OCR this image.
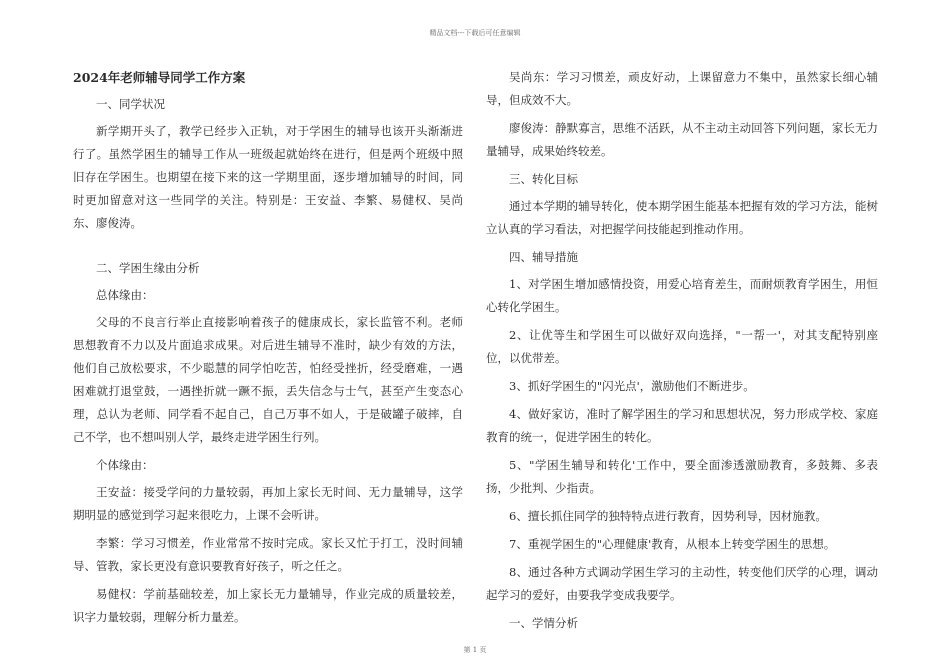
精品文档---下载后可任意编辑

2024年老师辅导同学工作方案

一、同学状况

新学期开头了，教学已经步入正轨，对于学困生的辅导也该开头渐渐进行了。虽然学困生的辅导工作从一班级起就始终在进行，但是两个班级中照旧存在学困生。也期望在接下来的这一学期里面，逐步增加辅导的时间，同时更加留意对这一些同学的关注。特别是：王安益、李繁、易健权、吴尚东、廖俊涛。

二、学困生缘由分析

总体缘由：

父母的不良言行举止直接影响着孩子的健康成长，家长监管不利。老师思想教育不力以及片面追求成果。对后进生辅导不准时，缺少有效的方法，他们自己放松要求，不少聪慧的同学怕吃苦，怕经受挫折，经受磨难，一遇困难就打退堂鼓，一遇挫折就一蹶不振，丢失信念与士气，甚至产生变态心理，总认为老师、同学看不起自己，自己万事不如人，于是破罐子破摔，自己不学，也不想叫别人学，最终走进学困生行列。

个体缘由：

王安益：接受学问的力量较弱，再加上家长无时间、无力量辅导，这学期明显的感觉到学习起来很吃力，上课不会听讲。

李繁：学习习惯差，作业常常不按时完成。家长又忙于打工，没时间辅导、管教，家长更没有意识要教育好孩子，听之任之。

易健权：学前基础较差，加上家长无力量辅导，作业完成的质量较差，识字力量较弱，理解分析力量差。

吴尚东：学习习惯差，顽皮好动，上课留意力不集中，虽然家长细心辅导，但成效不大。

廖俊涛：静默寡言，思维不活跃，从不主动主动回答下列问题，家长无力量辅导，成果始终较差。

三、转化目标

通过本学期的辅导转化，使本期学困生能基本把握有效的学习方法，能树立认真的学习看法，对把握学问技能起到推动作用。

四、辅导措施

1、对学困生增加感情投资，用爱心培育差生，而耐烦教育学困生，用恒心转化学困生。

2、让优等生和学困生可以做好双向选择，"一帮一'，对其支配特别座位，以优带差。

3、抓好学困生的"闪光点'，激励他们不断进步。

4、做好家访，准时了解学困生的学习和思想状况，努力形成学校、家庭教育的统一，促进学困生的转化。

5、"学困生辅导和转化'工作中，要全面渗透激励教育，多鼓舞、多表扬，少批判、少指责。

6、擅长抓住同学的独特特点进行教育，因势利导，因材施教。

7、重视学困生的"心理健康'教育，从根本上转变学困生的思想。

8、通过各种方式调动学困生学习的主动性，转变他们厌学的心理，调动起学习的爱好，由要我学变成我要学。

一、学情分析

第 1 页
